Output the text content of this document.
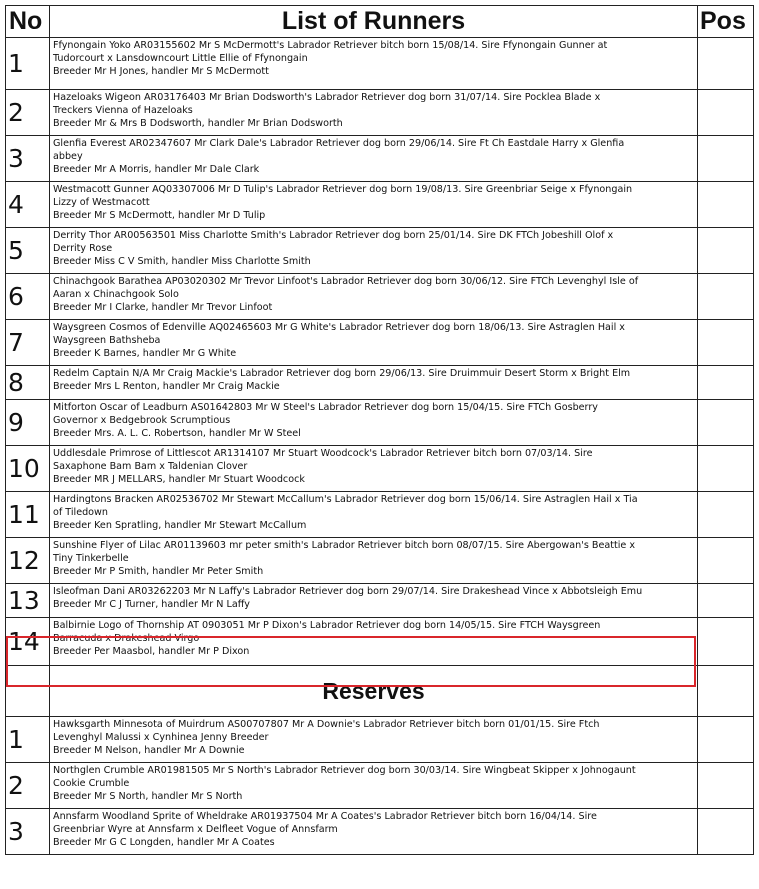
No	List of Runners	Pos
1	Ffynongain Yoko AR03155602 Mr S McDermott's Labrador Retriever bitch born 15/08/14. Sire Ffynongain Gunner at
Tudorcourt x Lansdowncourt Little Ellie of Ffynongain
Breeder Mr H Jones, handler Mr S McDermott	

2	Hazeloaks Wigeon AR03176403 Mr Brian Dodsworth's Labrador Retriever dog born 31/07/14. Sire Pocklea Blade x
Treckers Vienna of Hazeloaks
Breeder Mr & Mrs B Dodsworth, handler Mr Brian Dodsworth	

3	Glenfia Everest AR02347607 Mr Clark Dale's Labrador Retriever dog born 29/06/14. Sire Ft Ch Eastdale Harry x Glenfia
abbey
Breeder Mr A Morris, handler Mr Dale Clark	

4	Westmacott Gunner AQ03307006 Mr D Tulip's Labrador Retriever dog born 19/08/13. Sire Greenbriar Seige x Ffynongain
Lizzy of Westmacott
Breeder Mr S McDermott, handler Mr D Tulip	

5	Derrity Thor AR00563501 Miss Charlotte Smith's Labrador Retriever dog born 25/01/14. Sire DK FTCh Jobeshill Olof x
Derrity Rose
Breeder Miss C V Smith, handler Miss Charlotte Smith	

6	Chinachgook Barathea AP03020302 Mr Trevor Linfoot's Labrador Retriever dog born 30/06/12. Sire FTCh Levenghyl Isle of
Aaran x Chinachgook Solo
Breeder Mr I Clarke, handler Mr Trevor Linfoot	

7	Waysgreen Cosmos of Edenville AQ02465603 Mr G White's Labrador Retriever dog born 18/06/13. Sire Astraglen Hail x
Waysgreen Bathsheba
Breeder K Barnes, handler Mr G White	

8	Redelm Captain N/A Mr Craig Mackie's Labrador Retriever dog born 29/06/13. Sire Druimmuir Desert Storm x Bright Elm
Breeder Mrs L Renton, handler Mr Craig Mackie	

9	Mitforton Oscar of Leadburn AS01642803 Mr W Steel's Labrador Retriever dog born 15/04/15. Sire FTCh Gosberry
Governor x Bedgebrook Scrumptious
Breeder Mrs. A. L. C. Robertson, handler Mr W Steel	

10	Uddlesdale Primrose of Littlescot AR1314107 Mr Stuart Woodcock's Labrador Retriever bitch born 07/03/14. Sire
Saxaphone Bam Bam x Taldenian Clover
Breeder MR J MELLARS, handler Mr Stuart Woodcock	

11	Hardingtons Bracken AR02536702 Mr Stewart McCallum's Labrador Retriever dog born 15/06/14. Sire Astraglen Hail x Tia
of Tiledown
Breeder Ken Spratling, handler Mr Stewart McCallum	

12	Sunshine Flyer of Lilac AR01139603 mr peter smith's Labrador Retriever bitch born 08/07/15. Sire Abergowan's Beattie x
Tiny Tinkerbelle
Breeder Mr P Smith, handler Mr Peter Smith	

13	Isleofman Dani AR03262203 Mr N Laffy's Labrador Retriever dog born 29/07/14. Sire Drakeshead Vince x Abbotsleigh Emu
Breeder Mr C J Turner, handler Mr N Laffy	

14	Balbirnie Logo of Thornship AT 0903051 Mr P Dixon's Labrador Retriever dog born 14/05/15. Sire FTCH Waysgreen
Barracuda x Drakeshead Virgo
Breeder Per Maasbol, handler Mr P Dixon	

	Reserves	
1	Hawksgarth Minnesota of Muirdrum AS00707807 Mr A Downie's Labrador Retriever bitch born 01/01/15. Sire Ftch
Levenghyl Malussi x Cynhinea Jenny Breeder
Breeder M Nelson, handler Mr A Downie	

2	Northglen Crumble AR01981505 Mr S North's Labrador Retriever dog born 30/03/14. Sire Wingbeat Skipper x Johnogaunt
Cookie Crumble
Breeder Mr S North, handler Mr S North	

3	Annsfarm Woodland Sprite of Wheldrake AR01937504 Mr A Coates's Labrador Retriever bitch born 16/04/14. Sire
Greenbriar Wyre at Annsfarm x Delfleet Vogue of Annsfarm
Breeder Mr G C Longden, handler Mr A Coates	
